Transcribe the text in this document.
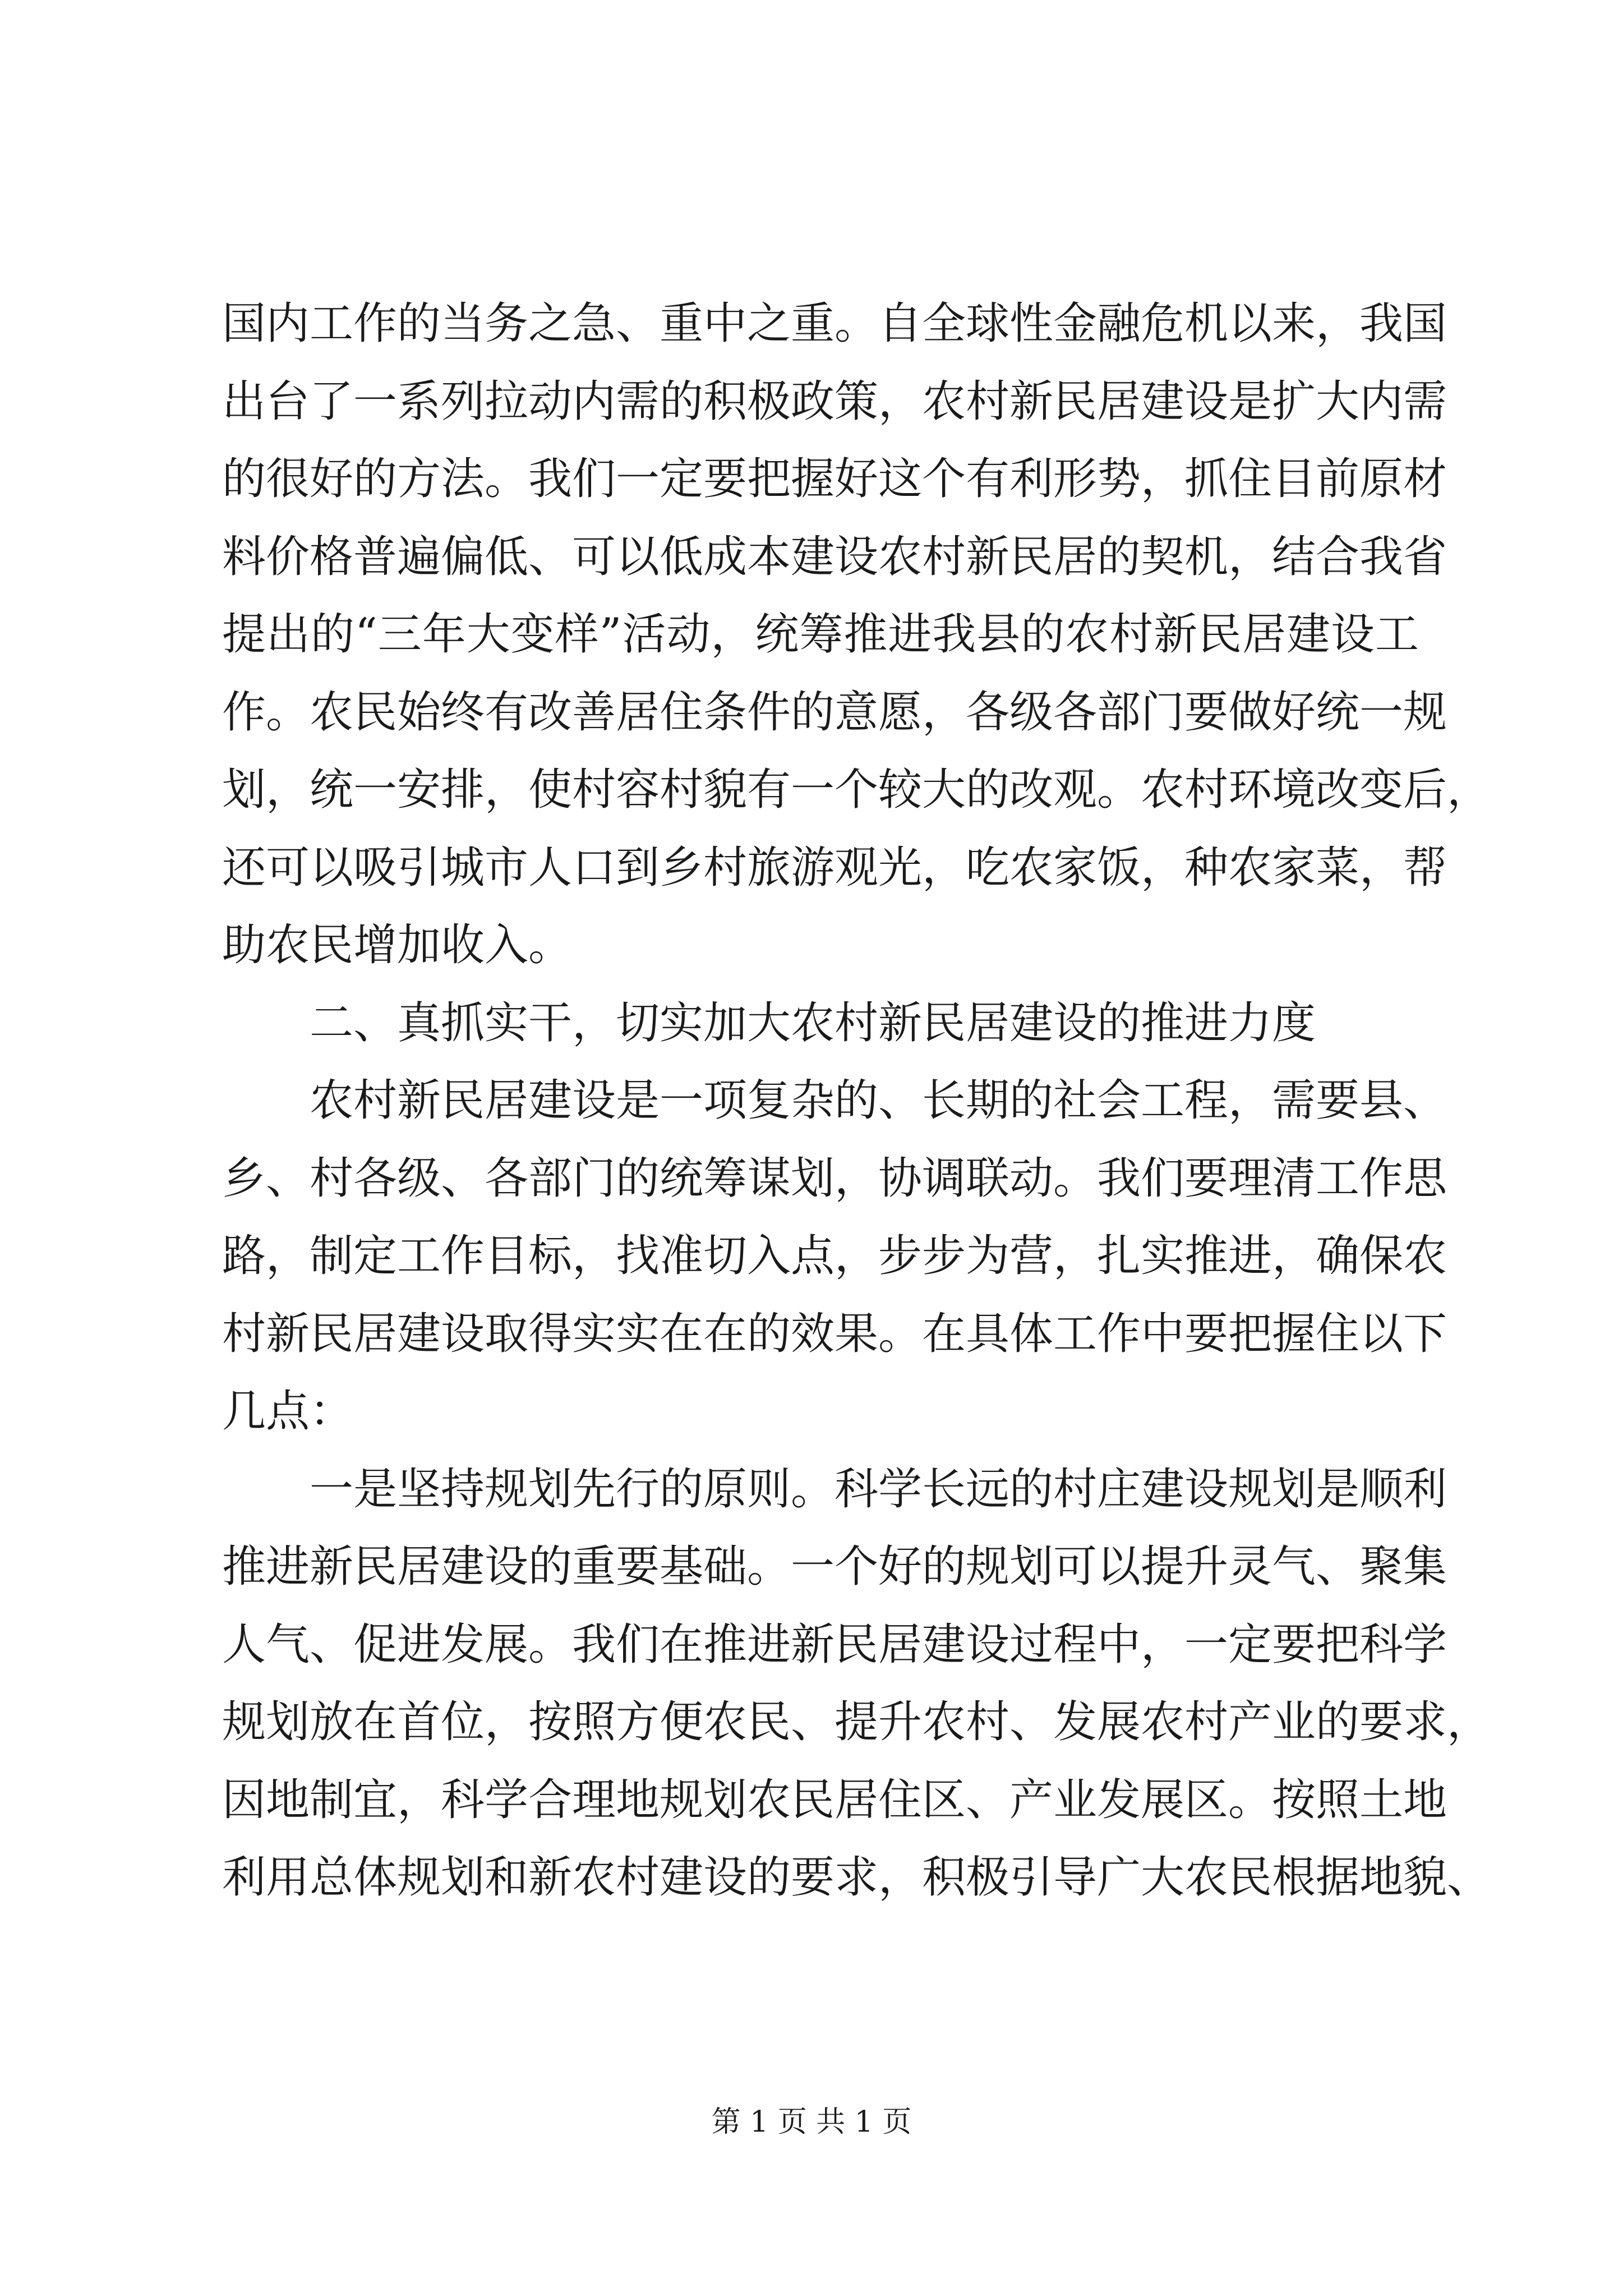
国内工作的当务之急、重中之重。自全球性金融危机以来，我国
出台了一系列拉动内需的积极政策，农村新民居建设是扩大内需
的很好的方法。我们一定要把握好这个有利形势，抓住目前原材
料价格普遍偏低、可以低成本建设农村新民居的契机，结合我省
提出的“三年大变样”活动，统筹推进我县的农村新民居建设工
作。农民始终有改善居住条件的意愿，各级各部门要做好统一规
划，统一安排，使村容村貌有一个较大的改观。农村环境改变后，
还可以吸引城市人口到乡村旅游观光，吃农家饭，种农家菜，帮
助农民增加收入。
二、真抓实干，切实加大农村新民居建设的推进力度
农村新民居建设是一项复杂的、长期的社会工程，需要县、
乡、村各级、各部门的统筹谋划，协调联动。我们要理清工作思
路，制定工作目标，找准切入点，步步为营，扎实推进，确保农
村新民居建设取得实实在在的效果。在具体工作中要把握住以下
几点：
一是坚持规划先行的原则。科学长远的村庄建设规划是顺利
推进新民居建设的重要基础。一个好的规划可以提升灵气、聚集
人气、促进发展。我们在推进新民居建设过程中，一定要把科学
规划放在首位，按照方便农民、提升农村、发展农村产业的要求，
因地制宜，科学合理地规划农民居住区、产业发展区。按照土地
利用总体规划和新农村建设的要求，积极引导广大农民根据地貌、
第 1 页 共 1 页
